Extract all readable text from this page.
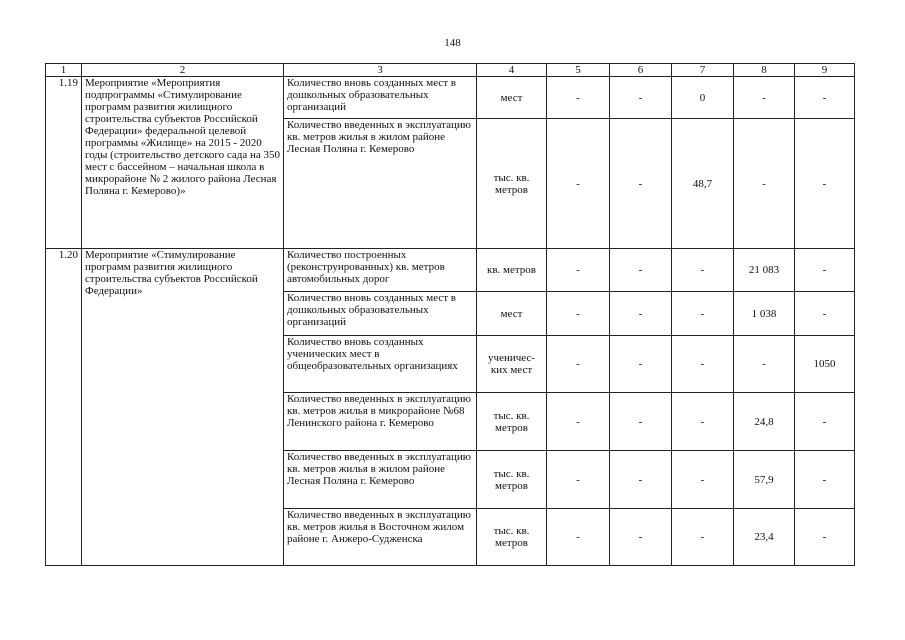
148
1	2	3	4	5	6	7	8	9
1.19	Мероприятие «Мероприятия подпрограммы «Стимулирование программ развития жилищного строительства субъектов Российской Федерации» федеральной целевой программы «Жилище» на 2015 - 2020 годы (строительство детского сада на 350 мест с бассейном – начальная школа в микрорайоне № 2 жилого района Лесная Поляна г. Кемерово)»	Количество вновь созданных мест в дошкольных образовательных организаций	мест	-	-	0	-	-
		Количество введенных в эксплуатацию кв. метров жилья в жилом районе Лесная Поляна г. Кемерово	тыс. кв. метров	-	-	48,7	-	-
1.20	Мероприятие «Стимулирование программ развития жилищного строительства субъектов Российской Федерации»	Количество построенных (реконструированных) кв. метров автомобильных дорог	кв. метров	-	-	-	21 083	-
		Количество вновь созданных мест в дошкольных образовательных организаций	мест	-	-	-	1 038	-
		Количество вновь созданных ученических мест в общеобразовательных организациях	ученичес-ких мест	-	-	-	-	1050
		Количество введенных в эксплуатацию кв. метров жилья в микрорайоне №68 Ленинского района г. Кемерово	тыс. кв. метров	-	-	-	24,8	-
		Количество введенных в эксплуатацию кв. метров жилья в жилом районе Лесная Поляна г. Кемерово	тыс. кв. метров	-	-	-	57,9	-
		Количество введенных в эксплуатацию кв. метров жилья в Восточном жилом районе г. Анжеро-Судженска	тыс. кв. метров	-	-	-	23,4	-
